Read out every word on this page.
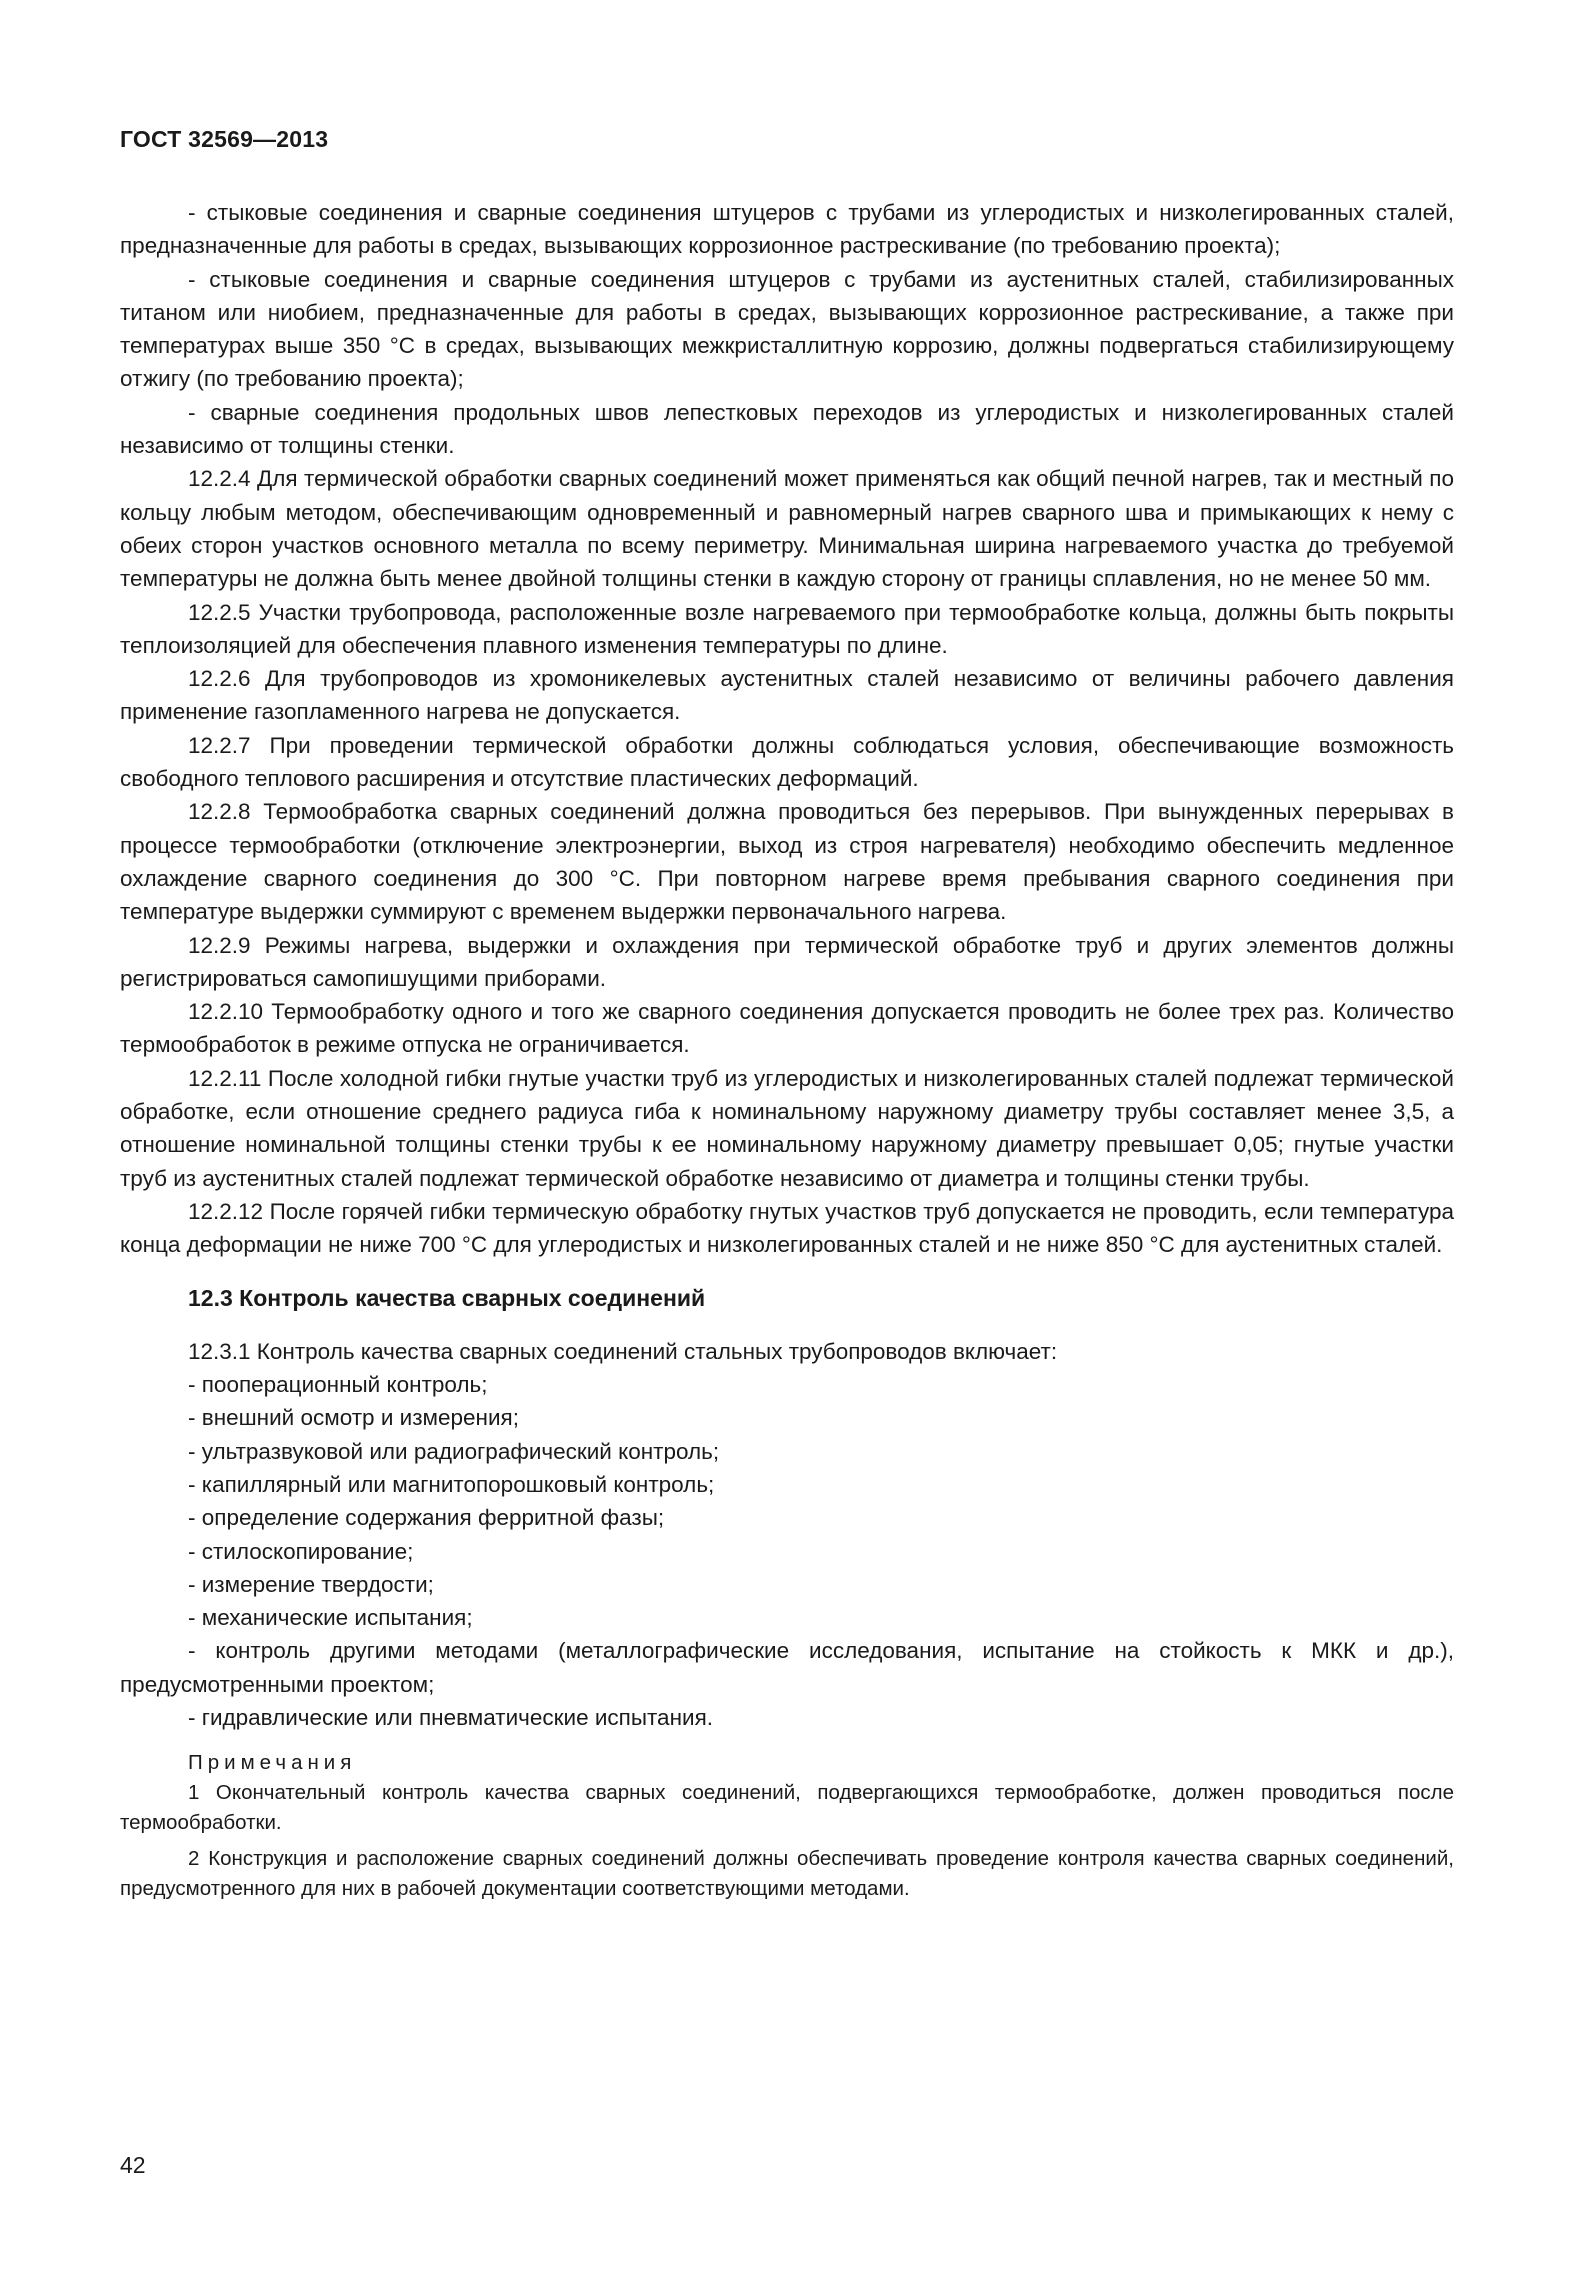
ГОСТ 32569—2013

- стыковые соединения и сварные соединения штуцеров с трубами из углеродистых и низколегированных сталей, предназначенные для работы в средах, вызывающих коррозионное растрескивание (по требованию проекта);

- стыковые соединения и сварные соединения штуцеров с трубами из аустенитных сталей, стабилизированных титаном или ниобием, предназначенные для работы в средах, вызывающих коррозионное растрескивание, а также при температурах выше 350 °С в средах, вызывающих межкристаллитную коррозию, должны подвергаться стабилизирующему отжигу (по требованию проекта);

- сварные соединения продольных швов лепестковых переходов из углеродистых и низколегированных сталей независимо от толщины стенки.

12.2.4 Для термической обработки сварных соединений может применяться как общий печной нагрев, так и местный по кольцу любым методом, обеспечивающим одновременный и равномерный нагрев сварного шва и примыкающих к нему с обеих сторон участков основного металла по всему периметру. Минимальная ширина нагреваемого участка до требуемой температуры не должна быть менее двойной толщины стенки в каждую сторону от границы сплавления, но не менее 50 мм.

12.2.5 Участки трубопровода, расположенные возле нагреваемого при термообработке кольца, должны быть покрыты теплоизоляцией для обеспечения плавного изменения температуры по длине.

12.2.6 Для трубопроводов из хромоникелевых аустенитных сталей независимо от величины рабочего давления применение газопламенного нагрева не допускается.

12.2.7 При проведении термической обработки должны соблюдаться условия, обеспечивающие возможность свободного теплового расширения и отсутствие пластических деформаций.

12.2.8 Термообработка сварных соединений должна проводиться без перерывов. При вынужденных перерывах в процессе термообработки (отключение электроэнергии, выход из строя нагревателя) необходимо обеспечить медленное охлаждение сварного соединения до 300 °С. При повторном нагреве время пребывания сварного соединения при температуре выдержки суммируют с временем выдержки первоначального нагрева.

12.2.9 Режимы нагрева, выдержки и охлаждения при термической обработке труб и других элементов должны регистрироваться самопишущими приборами.

12.2.10 Термообработку одного и того же сварного соединения допускается проводить не более трех раз. Количество термообработок в режиме отпуска не ограничивается.

12.2.11 После холодной гибки гнутые участки труб из углеродистых и низколегированных сталей подлежат термической обработке, если отношение среднего радиуса гиба к номинальному наружному диаметру трубы составляет менее 3,5, а отношение номинальной толщины стенки трубы к ее номинальному наружному диаметру превышает 0,05; гнутые участки труб из аустенитных сталей подлежат термической обработке независимо от диаметра и толщины стенки трубы.

12.2.12 После горячей гибки термическую обработку гнутых участков труб допускается не проводить, если температура конца деформации не ниже 700 °С для углеродистых и низколегированных сталей и не ниже 850 °С для аустенитных сталей.

12.3 Контроль качества сварных соединений

12.3.1 Контроль качества сварных соединений стальных трубопроводов включает:

- пооперационный контроль;

- внешний осмотр и измерения;

- ультразвуковой или радиографический контроль;

- капиллярный или магнитопорошковый контроль;

- определение содержания ферритной фазы;

- стилоскопирование;

- измерение твердости;

- механические испытания;

- контроль другими методами (металлографические исследования, испытание на стойкость к МКК и др.), предусмотренными проектом;

- гидравлические или пневматические испытания.

Примечания

1 Окончательный контроль качества сварных соединений, подвергающихся термообработке, должен проводиться после термообработки.

2 Конструкция и расположение сварных соединений должны обеспечивать проведение контроля качества сварных соединений, предусмотренного для них в рабочей документации соответствующими методами.

42
